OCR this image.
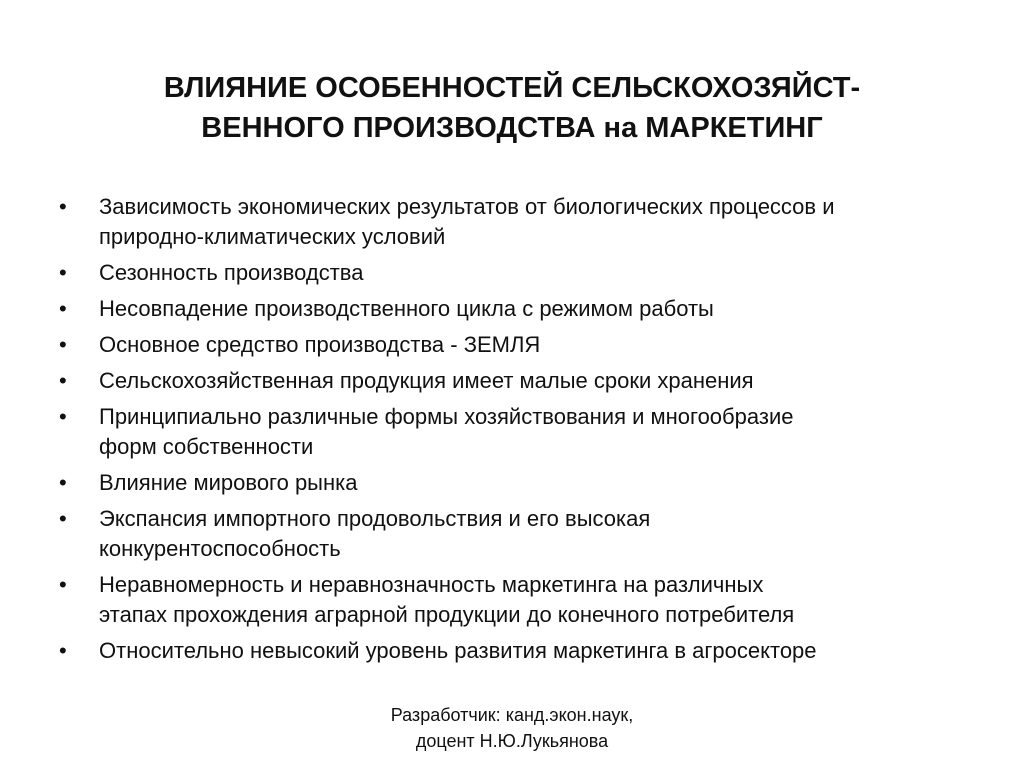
ВЛИЯНИЕ ОСОБЕННОСТЕЙ СЕЛЬСКОХОЗЯЙСТ-
ВЕННОГО ПРОИЗВОДСТВА на МАРКЕТИНГ
•	Зависимость экономических результатов от биологических процессов и
природно-климатических условий
•	Сезонность производства
•	Несовпадение производственного цикла с режимом работы
•	Основное средство производства - ЗЕМЛЯ
•	Сельскохозяйственная продукция имеет малые сроки хранения
•	Принципиально различные формы хозяйствования и многообразие
форм собственности
•	Влияние мирового рынка
•	Экспансия импортного продовольствия и его высокая
конкурентоспособность
•	Неравномерность и неравнозначность маркетинга на различных
этапах прохождения аграрной продукции до конечного потребителя
•	Относительно невысокий уровень развития маркетинга в агросекторе
Разработчик: канд.экон.наук,
доцент Н.Ю.Лукьянова
